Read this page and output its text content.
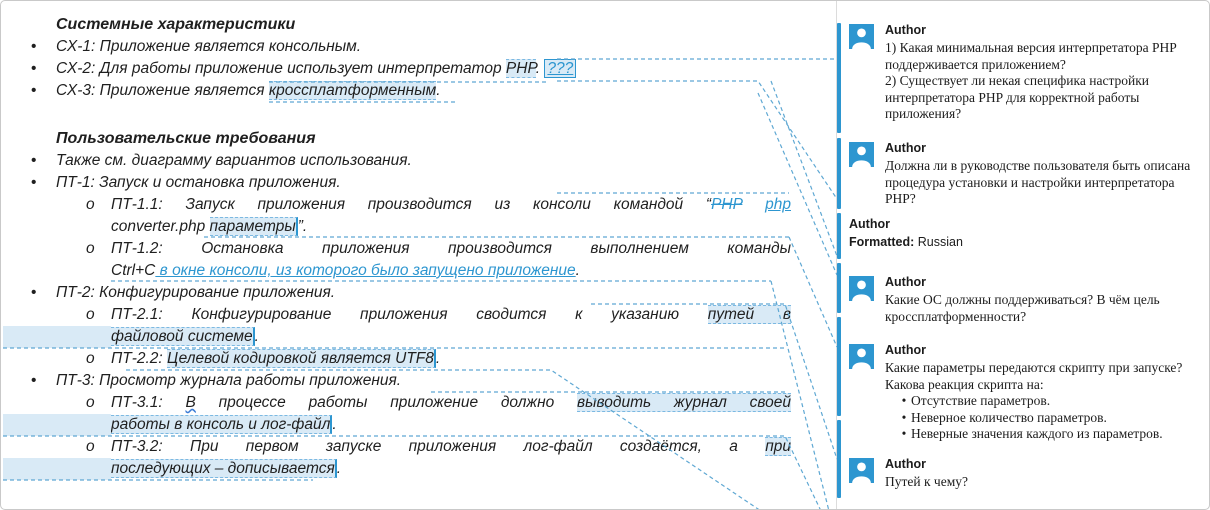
Системные характеристики
• СХ-1: Приложение является консольным.
• СХ-2: Для работы приложение использует интерпретатор PHP. ???
• СХ-3: Приложение является кроссплатформенным.
Пользовательские требования
• Также см. диаграмму вариантов использования.
• ПТ-1: Запуск и остановка приложения.
o ПТ-1.1: Запуск приложения производится из консоли командой “PHP php
converter.php параметры ”.
o ПТ-1.2: Остановка приложения производится выполнением команды
Ctrl+C в окне консоли, из которого было запущено приложение.
• ПТ-2: Конфигурирование приложения.
o ПТ-2.1: Конфигурирование приложения сводится к указанию путей в
файловой системе .
o ПТ-2.2: Целевой кодировкой является UTF8 .
• ПТ-3: Просмотр журнала работы приложения.
o ПТ-3.1: В процессе работы приложение должно выводить журнал своей
работы в консоль и лог-файл .
o ПТ-3.2: При первом запуске приложения лог-файл создаётся, а при
последующих – дописывается .
Author
1) Какая минимальная версия интерпретатора PHP поддерживается приложением?
2) Существует ли некая специфика настройки интерпретатора PHP для корректной работы приложения?
Author
Должна ли в руководстве пользователя быть описана процедура установки и настройки интерпретатора PHP?
Author
Formatted: Russian
Author
Какие ОС должны поддерживаться? В чём цель кроссплатформенности?
Author
Какие параметры передаются скрипту при запуске? Какова реакция скрипта на:
• Отсутствие параметров.
• Неверное количество параметров.
• Неверные значения каждого из параметров.
Author
Путей к чему?
